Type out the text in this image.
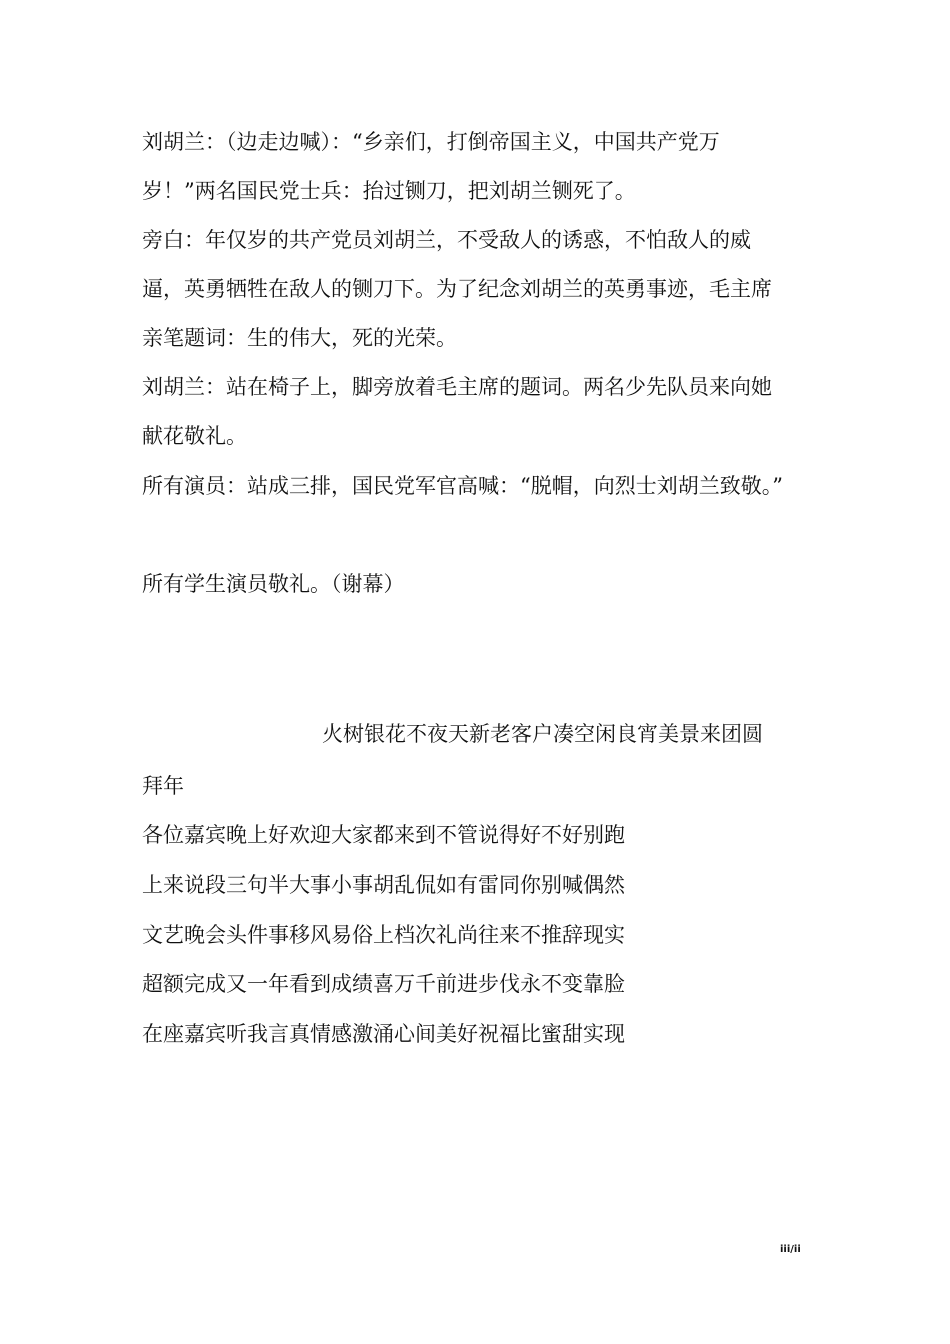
刘胡兰：（边走边喊）：“乡亲们，打倒帝国主义，中国共产党万岁！”两名国民党士兵：抬过铡刀，把刘胡兰铡死了。

旁白：年仅岁的共产党员刘胡兰，不受敌人的诱惑，不怕敌人的威逼，英勇牺牲在敌人的铡刀下。为了纪念刘胡兰的英勇事迹，毛主席亲笔题词：生的伟大，死的光荣。

刘胡兰：站在椅子上，脚旁放着毛主席的题词。两名少先队员来向她献花敬礼。

所有演员：站成三排，国民党军官高喊：“脱帽，向烈士刘胡兰致敬。”

所有学生演员敬礼。（谢幕）

火树银花不夜天新老客户凑空闲良宵美景来团圆

拜年

各位嘉宾晚上好欢迎大家都来到不管说得好不好别跑

上来说段三句半大事小事胡乱侃如有雷同你别喊偶然

文艺晚会头件事移风易俗上档次礼尚往来不推辞现实

超额完成又一年看到成绩喜万千前进步伐永不变靠脸

在座嘉宾听我言真情感激涌心间美好祝福比蜜甜实现

iii/ii
